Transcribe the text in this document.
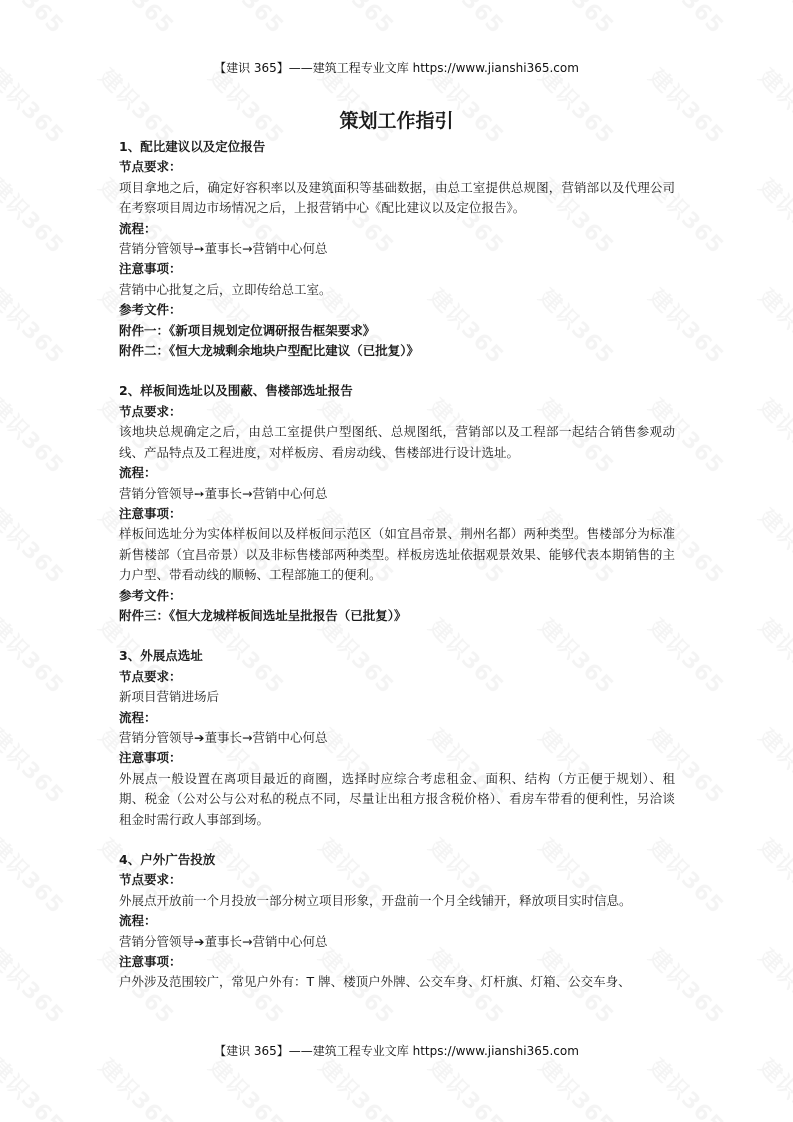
【建识 365】——建筑工程专业文库 https://www.jianshi365.com
策划工作指引
1、配比建议以及定位报告
节点要求：
项目拿地之后，确定好容积率以及建筑面积等基础数据，由总工室提供总规图，营销部以及代理公司在考察项目周边市场情况之后，上报营销中心《配比建议以及定位报告》。
流程：
营销分管领导➙董事长→营销中心何总
注意事项：
营销中心批复之后，立即传给总工室。
参考文件：
附件一：《新项目规划定位调研报告框架要求》
附件二：《恒大龙城剩余地块户型配比建议（已批复）》
2、样板间选址以及围蔽、售楼部选址报告
节点要求：
该地块总规确定之后，由总工室提供户型图纸、总规图纸，营销部以及工程部一起结合销售参观动线、产品特点及工程进度，对样板房、看房动线、售楼部进行设计选址。
流程：
营销分管领导➙董事长→营销中心何总
注意事项：
样板间选址分为实体样板间以及样板间示范区（如宜昌帝景、荆州名都）两种类型。售楼部分为标准新售楼部（宜昌帝景）以及非标售楼部两种类型。样板房选址依据观景效果、能够代表本期销售的主力户型、带看动线的顺畅、工程部施工的便利。
参考文件：
附件三：《恒大龙城样板间选址呈批报告（已批复）》
3、外展点选址
节点要求：
新项目营销进场后
流程：
营销分管领导➔董事长→营销中心何总
注意事项：
外展点一般设置在离项目最近的商圈，选择时应综合考虑租金、面积、结构（方正便于规划）、租期、税金（公对公与公对私的税点不同，尽量让出租方报含税价格）、看房车带看的便利性，另洽谈租金时需行政人事部到场。
4、户外广告投放
节点要求：
外展点开放前一个月投放一部分树立项目形象，开盘前一个月全线铺开，释放项目实时信息。
流程：
营销分管领导➔董事长→营销中心何总
注意事项：
户外涉及范围较广，常见户外有：T 牌、楼顶户外牌、公交车身、灯杆旗、灯箱、公交车身、
【建识 365】——建筑工程专业文库 https://www.jianshi365.com
